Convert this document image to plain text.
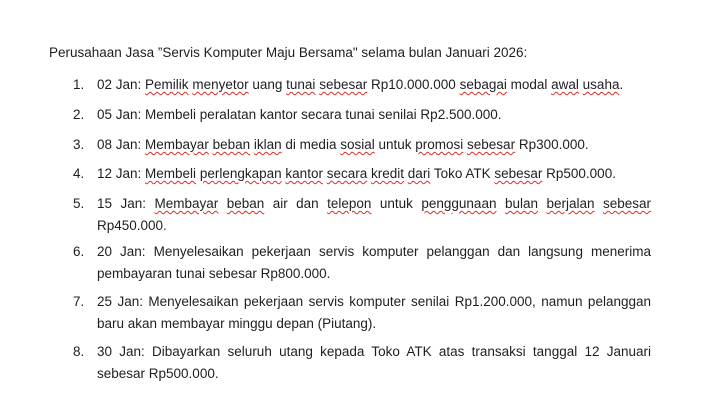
Perusahaan Jasa ”Servis Komputer Maju Bersama" selama bulan Januari 2026:
1. 02 Jan: Pemilik menyetor uang tunai sebesar Rp10.000.000 sebagai modal awal usaha.
2. 05 Jan: Membeli peralatan kantor secara tunai senilai Rp2.500.000.
3. 08 Jan: Membayar beban iklan di media sosial untuk promosi sebesar Rp300.000.
4. 12 Jan: Membeli perlengkapan kantor secara kredit dari Toko ATK sebesar Rp500.000.
5. 15 Jan: Membayar beban air dan telepon untuk penggunaan bulan berjalan sebesar Rp450.000.
6. 20 Jan: Menyelesaikan pekerjaan servis komputer pelanggan dan langsung menerima pembayaran tunai sebesar Rp800.000.
7. 25 Jan: Menyelesaikan pekerjaan servis komputer senilai Rp1.200.000, namun pelanggan baru akan membayar minggu depan (Piutang).
8. 30 Jan: Dibayarkan seluruh utang kepada Toko ATK atas transaksi tanggal 12 Januari sebesar Rp500.000.
